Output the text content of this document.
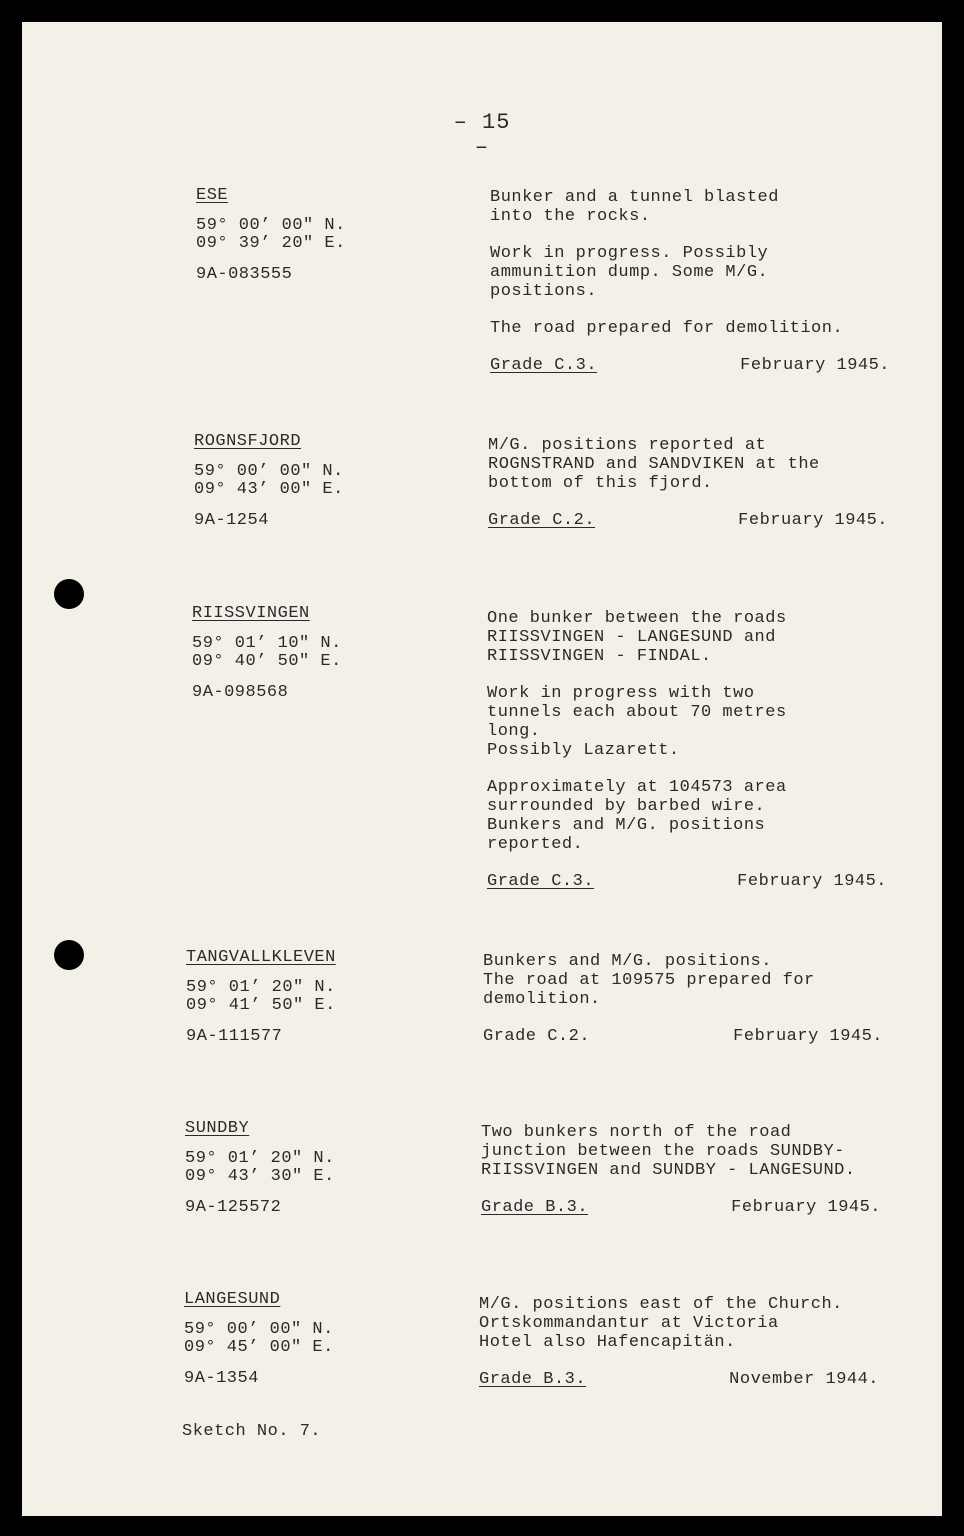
– 15 –
ESE
59° 00’ 00" N.
09° 39’ 20" E.
9A-083555
Bunker and a tunnel blasted
into the rocks.
Work in progress. Possibly
ammunition dump. Some M/G.
positions.
The road prepared for demolition.
Grade C.3.	February 1945.
ROGNSFJORD
59° 00’ 00" N.
09° 43’ 00" E.
9A-1254
M/G. positions reported at
ROGNSTRAND and SANDVIKEN at the
bottom of this fjord.
Grade C.2.	February 1945.
RIISSVINGEN
59° 01’ 10" N.
09° 40’ 50" E.
9A-098568
One bunker between the roads
RIISSVINGEN - LANGESUND and
RIISSVINGEN - FINDAL.
Work in progress with two
tunnels each about 70 metres
long.
Possibly Lazarett.
Approximately at 104573 area
surrounded by barbed wire.
Bunkers and M/G. positions
reported.
Grade C.3.	February 1945.
TANGVALLKLEVEN
59° 01’ 20" N.
09° 41’ 50" E.
9A-111577
Bunkers and M/G. positions.
The road at 109575 prepared for
demolition.
Grade C.2.	February 1945.
SUNDBY
59° 01’ 20" N.
09° 43’ 30" E.
9A-125572
Two bunkers north of the road
junction between the roads SUNDBY-
RIISSVINGEN and SUNDBY - LANGESUND.
Grade B.3.	February 1945.
LANGESUND
59° 00’ 00" N.
09° 45’ 00" E.
9A-1354
M/G. positions east of the Church.
Ortskommandantur at Victoria
Hotel also Hafencapitän.
Grade B.3.	November 1944.
Sketch No. 7.
